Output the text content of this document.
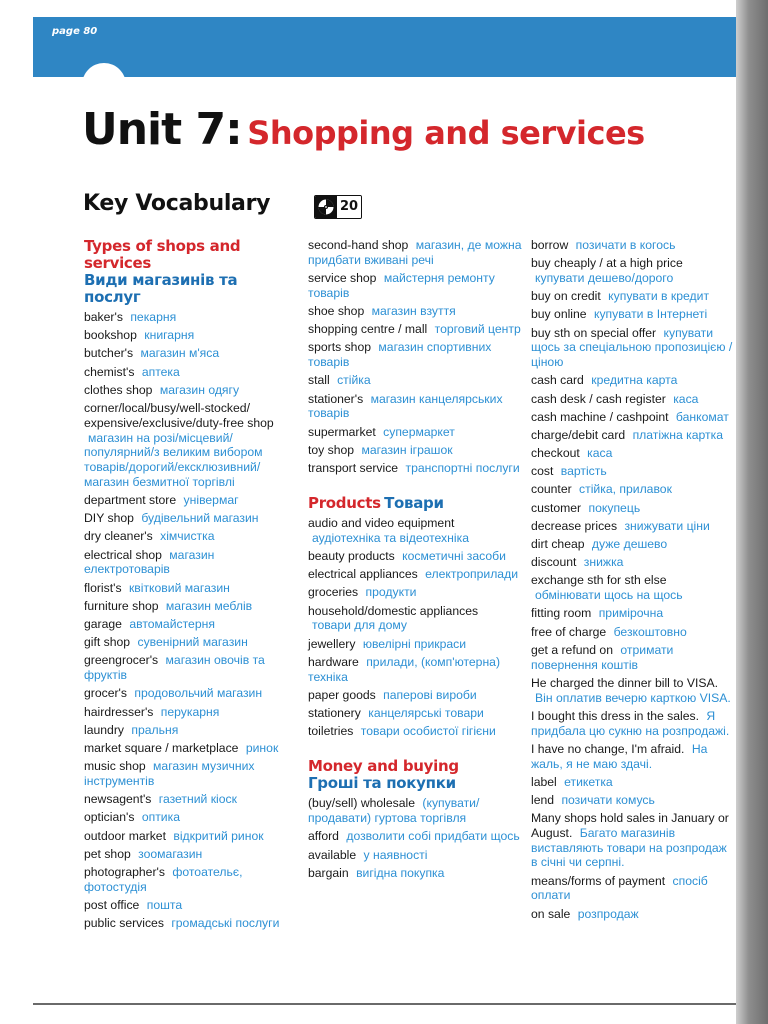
page 80
Unit 7: Shopping and services
Key Vocabulary	20
Types of shops and services
Види магазинів та послуг
baker's пекарня
bookshop книгарня
butcher's магазин м'яса
chemist's аптека
clothes shop магазин одягу
corner/local/busy/well-stocked/ expensive/exclusive/duty-free shop магазин на розі/місцевий/ популярний/з великим вибором товарів/дорогий/ексклюзивний/ магазин безмитної торгівлі
department store універмаг
DIY shop будівельний магазин
dry cleaner's хімчистка
electrical shop магазин електротоварів
florist's квітковий магазин
furniture shop магазин меблів
garage автомайстерня
gift shop сувенірний магазин
greengrocer's магазин овочів та фруктів
grocer's продовольчий магазин
hairdresser's перукарня
laundry пральня
market square / marketplace ринок
music shop магазин музичних інструментів
newsagent's газетний кіоск
optician's оптика
outdoor market відкритий ринок
pet shop зоомагазин
photographer's фотоательє, фотостудія
post office пошта
public services громадські послуги
second-hand shop магазин, де можна придбати вживані речі
service shop майстерня ремонту товарів
shoe shop магазин взуття
shopping centre / mall торговий центр
sports shop магазин спортивних товарів
stall стійка
stationer's магазин канцелярських товарів
supermarket супермаркет
toy shop магазин іграшок
transport service транспортні послуги
Products Товари
audio and video equipment аудіотехніка та відеотехніка
beauty products косметичні засоби
electrical appliances електроприлади
groceries продукти
household/domestic appliances товари для дому
jewellery ювелірні прикраси
hardware прилади, (комп'ютерна) техніка
paper goods паперові вироби
stationery канцелярські товари
toiletries товари особистої гігієни
Money and buying
Гроші та покупки
(buy/sell) wholesale (купувати/ продавати) гуртова торгівля
afford дозволити собі придбати щось
available у наявності
bargain вигідна покупка
borrow позичати в когось
buy cheaply / at a high price купувати дешево/дорого
buy on credit купувати в кредит
buy online купувати в Інтернеті
buy sth on special offer купувати щось за спеціальною пропозицією / ціною
cash card кредитна карта
cash desk / cash register каса
cash machine / cashpoint банкомат
charge/debit card платіжна картка
checkout каса
cost вартість
counter стійка, прилавок
customer покупець
decrease prices знижувати ціни
dirt cheap дуже дешево
discount знижка
exchange sth for sth else обмінювати щось на щось
fitting room примірочна
free of charge безкоштовно
get a refund on отримати повернення коштів
He charged the dinner bill to VISA. Він оплатив вечерю карткою VISA.
I bought this dress in the sales. Я придбала цю сукню на розпродажі.
I have no change, I'm afraid. На жаль, я не маю здачі.
label етикетка
lend позичати комусь
Many shops hold sales in January or August. Багато магазинів виставляють товари на розпродаж в січні чи серпні.
means/forms of payment спосіб оплати
on sale розпродаж
